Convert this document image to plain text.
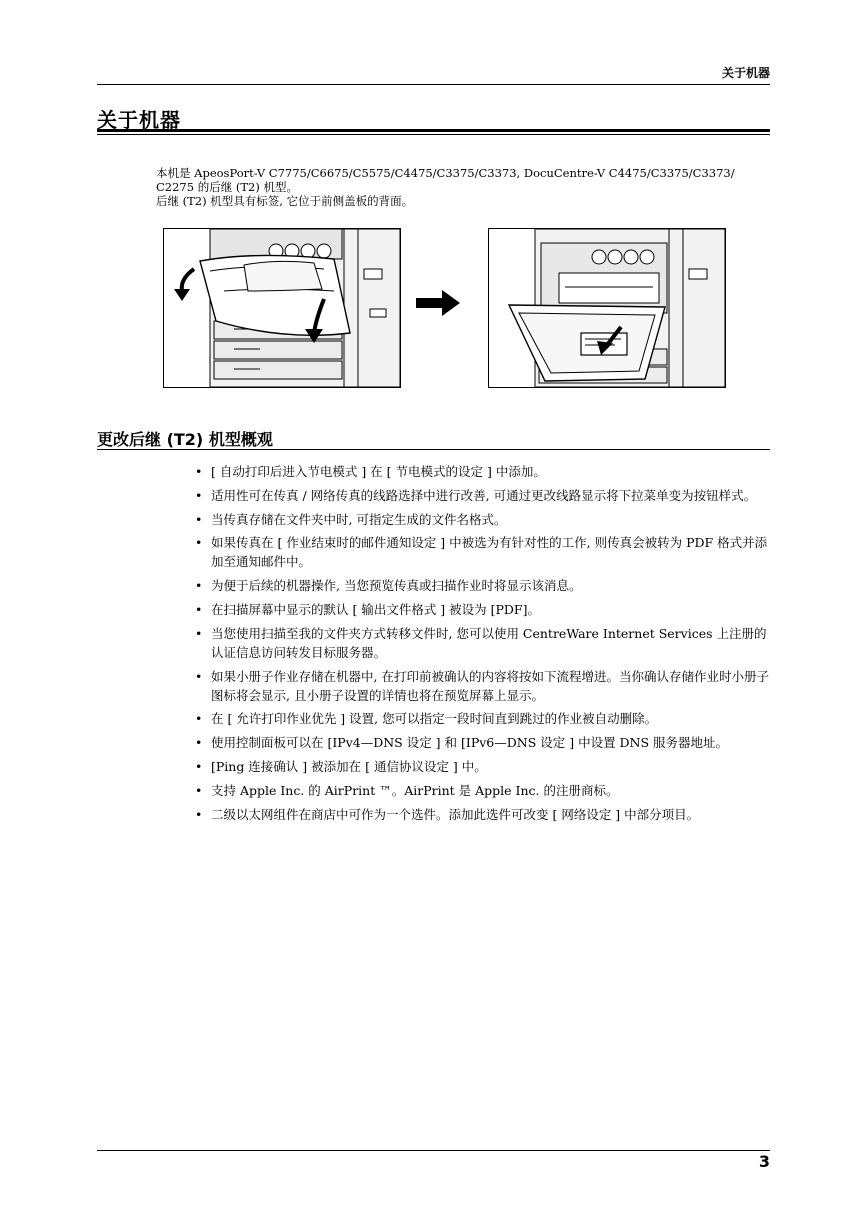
关于机器
关于机器

本机是 ApeosPort-V C7775/C6675/C5575/C4475/C3375/C3373, DocuCentre-V C4475/C3375/C3373/

C2275 的后继 (T2) 机型。

后继 (T2) 机型具有标签, 它位于前侧盖板的背面。

更改后继 (T2) 机型概观
• [ 自动打印后进入节电模式 ] 在 [ 节电模式的设定 ] 中添加。
• 适用性可在传真 / 网络传真的线路选择中进行改善, 可通过更改线路显示将下拉菜单变为按钮样式。
• 当传真存储在文件夹中时, 可指定生成的文件名格式。
• 如果传真在 [ 作业结束时的邮件通知设定 ] 中被选为有针对性的工作, 则传真会被转为 PDF 格式并添加至通知邮件中。
• 为便于后续的机器操作, 当您预览传真或扫描作业时将显示该消息。
• 在扫描屏幕中显示的默认 [ 输出文件格式 ] 被设为 [PDF]。
• 当您使用扫描至我的文件夹方式转移文件时, 您可以使用 CentreWare Internet Services 上注册的认证信息访问转发目标服务器。
• 如果小册子作业存储在机器中, 在打印前被确认的内容将按如下流程增进。当你确认存储作业时小册子图标将会显示, 且小册子设置的详情也将在预览屏幕上显示。
• 在 [ 允许打印作业优先 ] 设置, 您可以指定一段时间直到跳过的作业被自动删除。
• 使用控制面板可以在 [IPv4—DNS 设定 ] 和 [IPv6—DNS 设定 ] 中设置 DNS 服务器地址。
• [Ping 连接确认 ] 被添加在 [ 通信协议设定 ] 中。
• 支持 Apple Inc. 的 AirPrint ™。AirPrint 是 Apple Inc. 的注册商标。
• 二级以太网组件在商店中可作为一个选件。添加此选件可改变 [ 网络设定 ] 中部分项目。
3
